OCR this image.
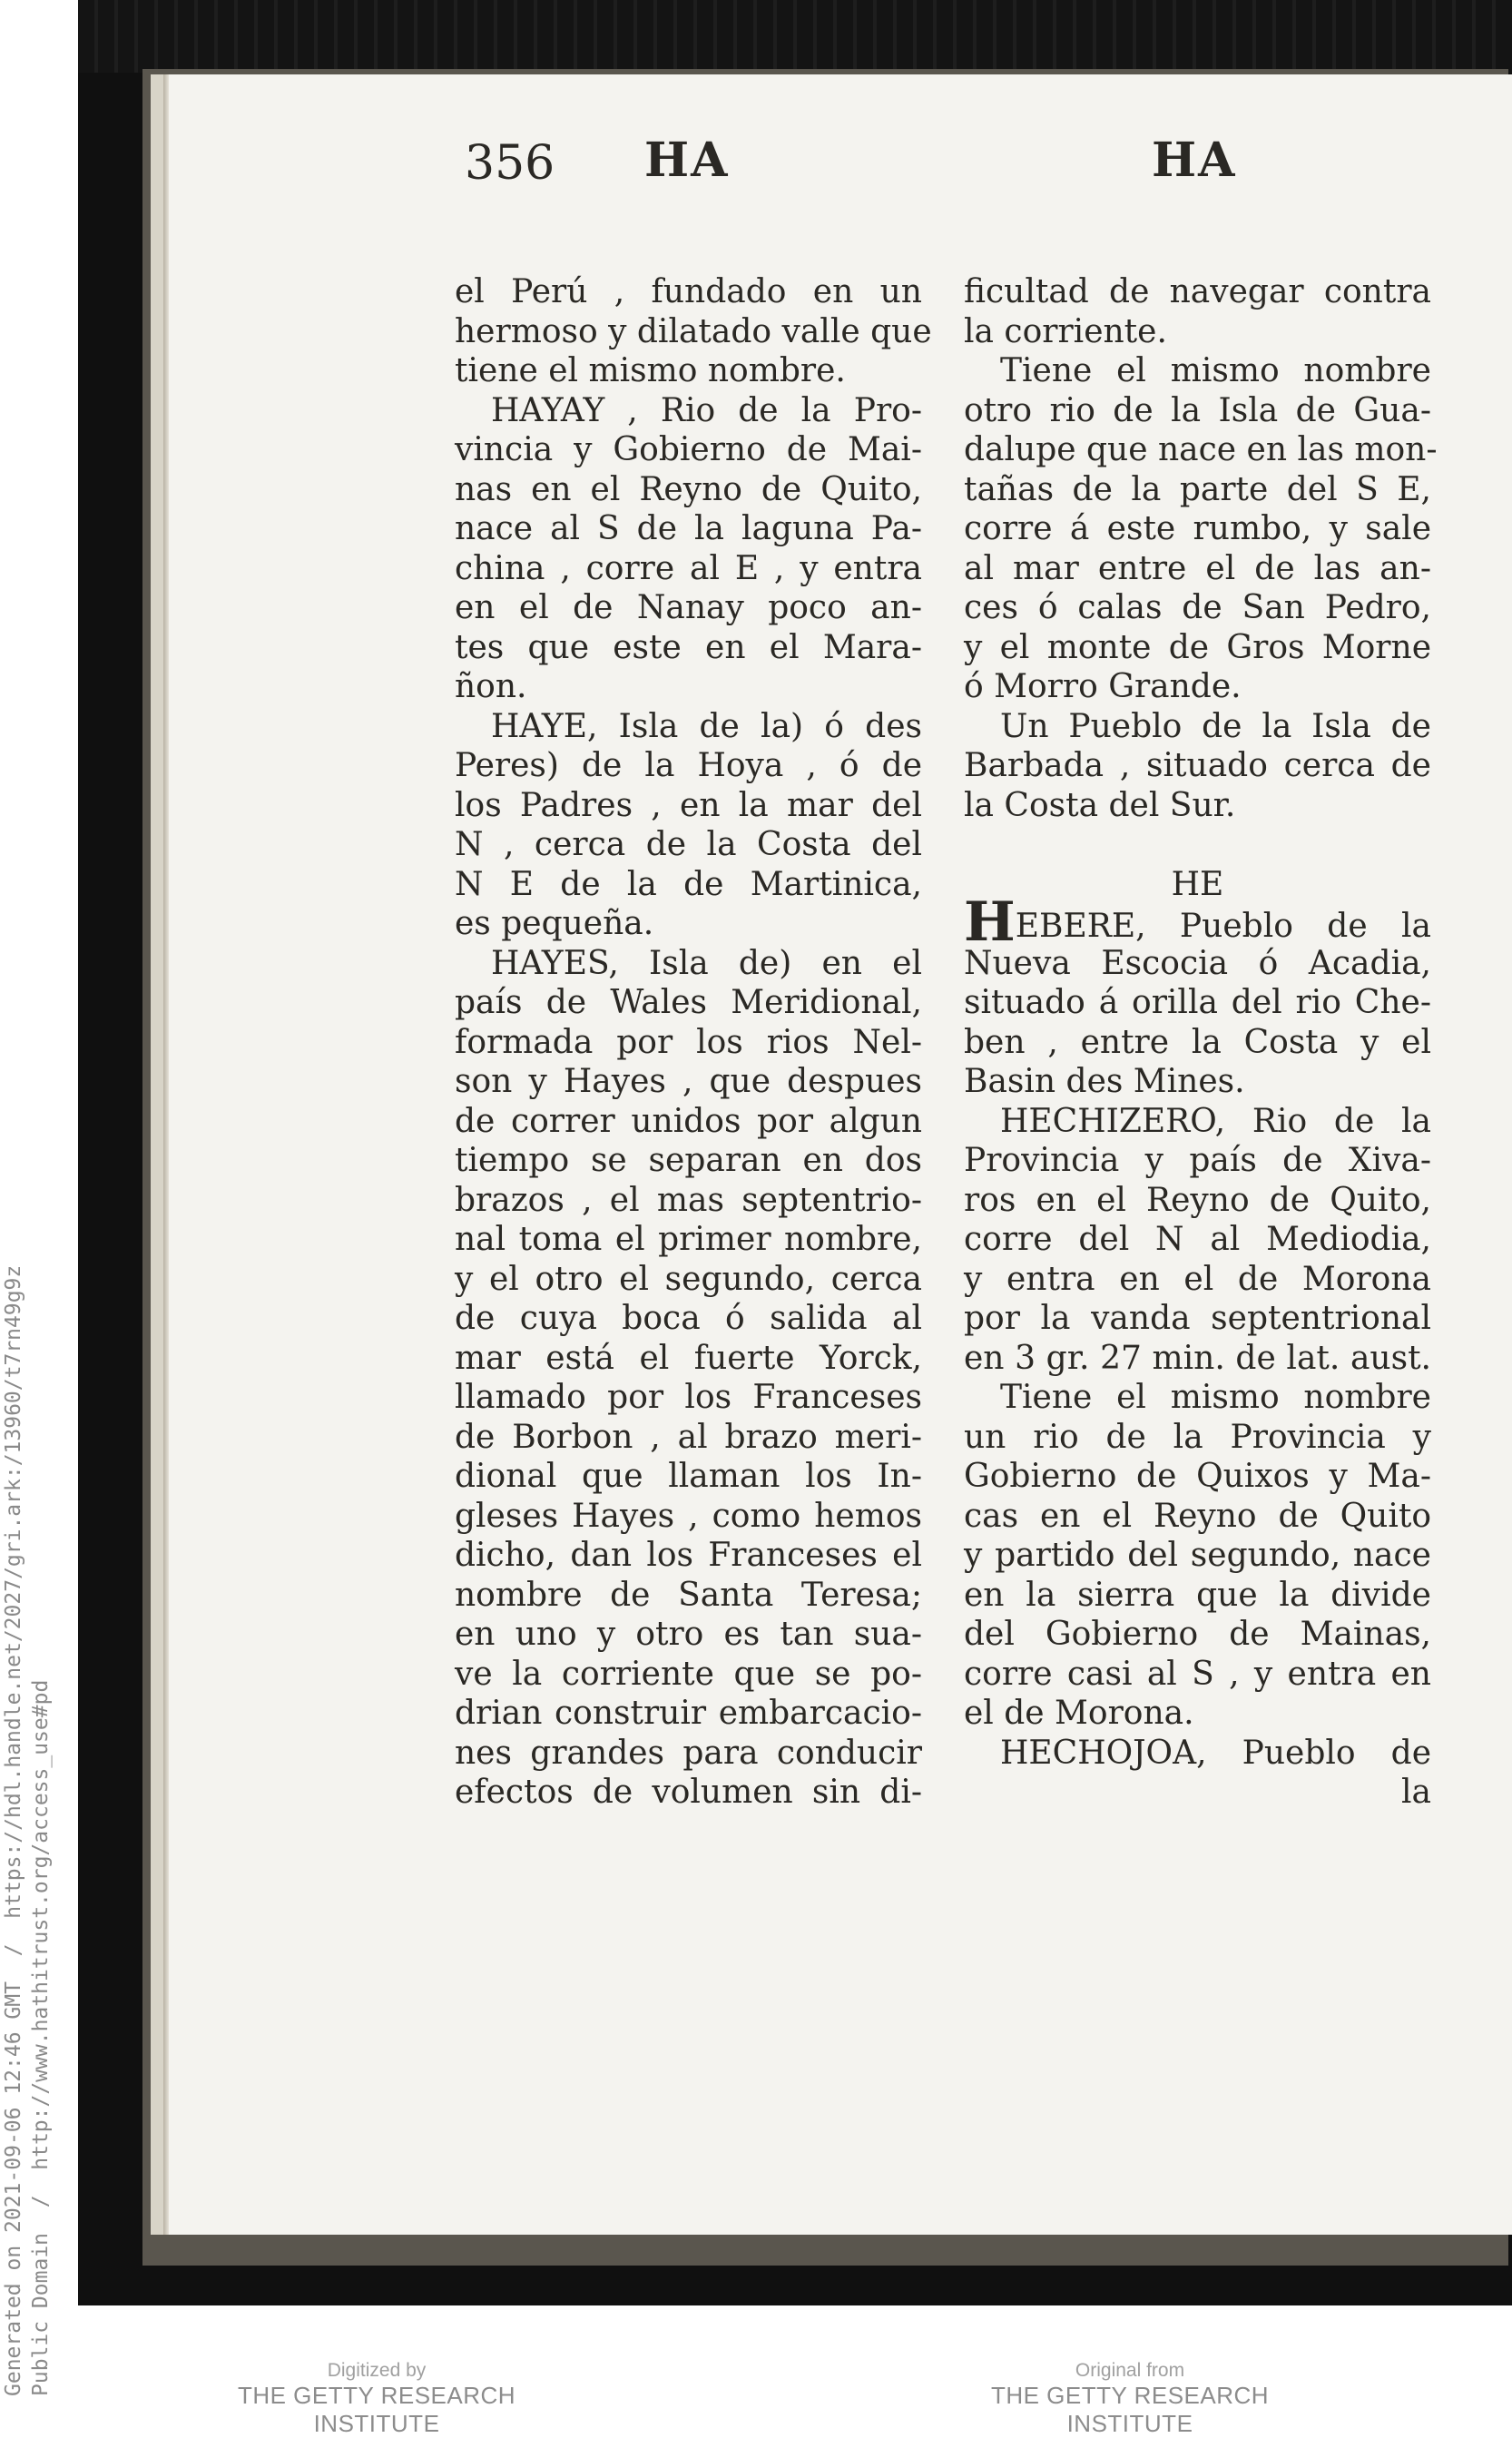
Generated on 2021-09-06 12:46 GMT  /  https://hdl.handle.net/2027/gri.ark:/13960/t7rn49g9z Public Domain  /  http://www.hathitrust.org/access_use#pd
356 HA	HA
el Perú , fundado en un
hermoso y dilatado valle que
tiene el mismo nombre.
HAYAY , Rio de la Pro-
vincia y Gobierno de Mai-
nas en el Reyno de Quito,
nace al S de la laguna Pa-
china , corre al E , y entra
en el de Nanay poco an-
tes que este en el Mara-
ñon.
HAYE, Isla de la) ó des
Peres) de la Hoya , ó de
los Padres , en la mar del
N , cerca de la Costa del
N E de la de Martinica,
es pequeña.
HAYES, Isla de) en el
país de Wales Meridional,
formada por los rios Nel-
son y Hayes , que despues
de correr unidos por algun
tiempo se separan en dos
brazos , el mas septentrio-
nal toma el primer nombre,
y el otro el segundo, cerca
de cuya boca ó salida al
mar está el fuerte Yorck,
llamado por los Franceses
de Borbon , al brazo meri-
dional que llaman los In-
gleses Hayes , como hemos
dicho, dan los Franceses el
nombre de Santa Teresa;
en uno y otro es tan sua-
ve la corriente que se po-
drian construir embarcacio-
nes grandes para conducir
efectos de volumen sin di-
ficultad de navegar contra
la corriente.
Tiene el mismo nombre
otro rio de la Isla de Gua-
dalupe que nace en las mon-
tañas de la parte del S E,
corre á este rumbo, y sale
al mar entre el de las an-
ces ó calas de San Pedro,
y el monte de Gros Morne
ó Morro Grande.
Un Pueblo de la Isla de
Barbada , situado cerca de
la Costa del Sur.
HE
HEBERE, Pueblo de la
Nueva Escocia ó Acadia,
situado á orilla del rio Che-
ben , entre la Costa y el
Basin des Mines.
HECHIZERO, Rio de la
Provincia y país de Xiva-
ros en el Reyno de Quito,
corre del N al Mediodia,
y entra en el de Morona
por la vanda septentrional
en 3 gr. 27 min. de lat. aust.
Tiene el mismo nombre
un rio de la Provincia y
Gobierno de Quixos y Ma-
cas en el Reyno de Quito
y partido del segundo, nace
en la sierra que la divide
del Gobierno de Mainas,
corre casi al S , y entra en
el de Morona.
HECHOJOA, Pueblo de
la
Digitized by
THE GETTY RESEARCH INSTITUTE
Original from
THE GETTY RESEARCH INSTITUTE
